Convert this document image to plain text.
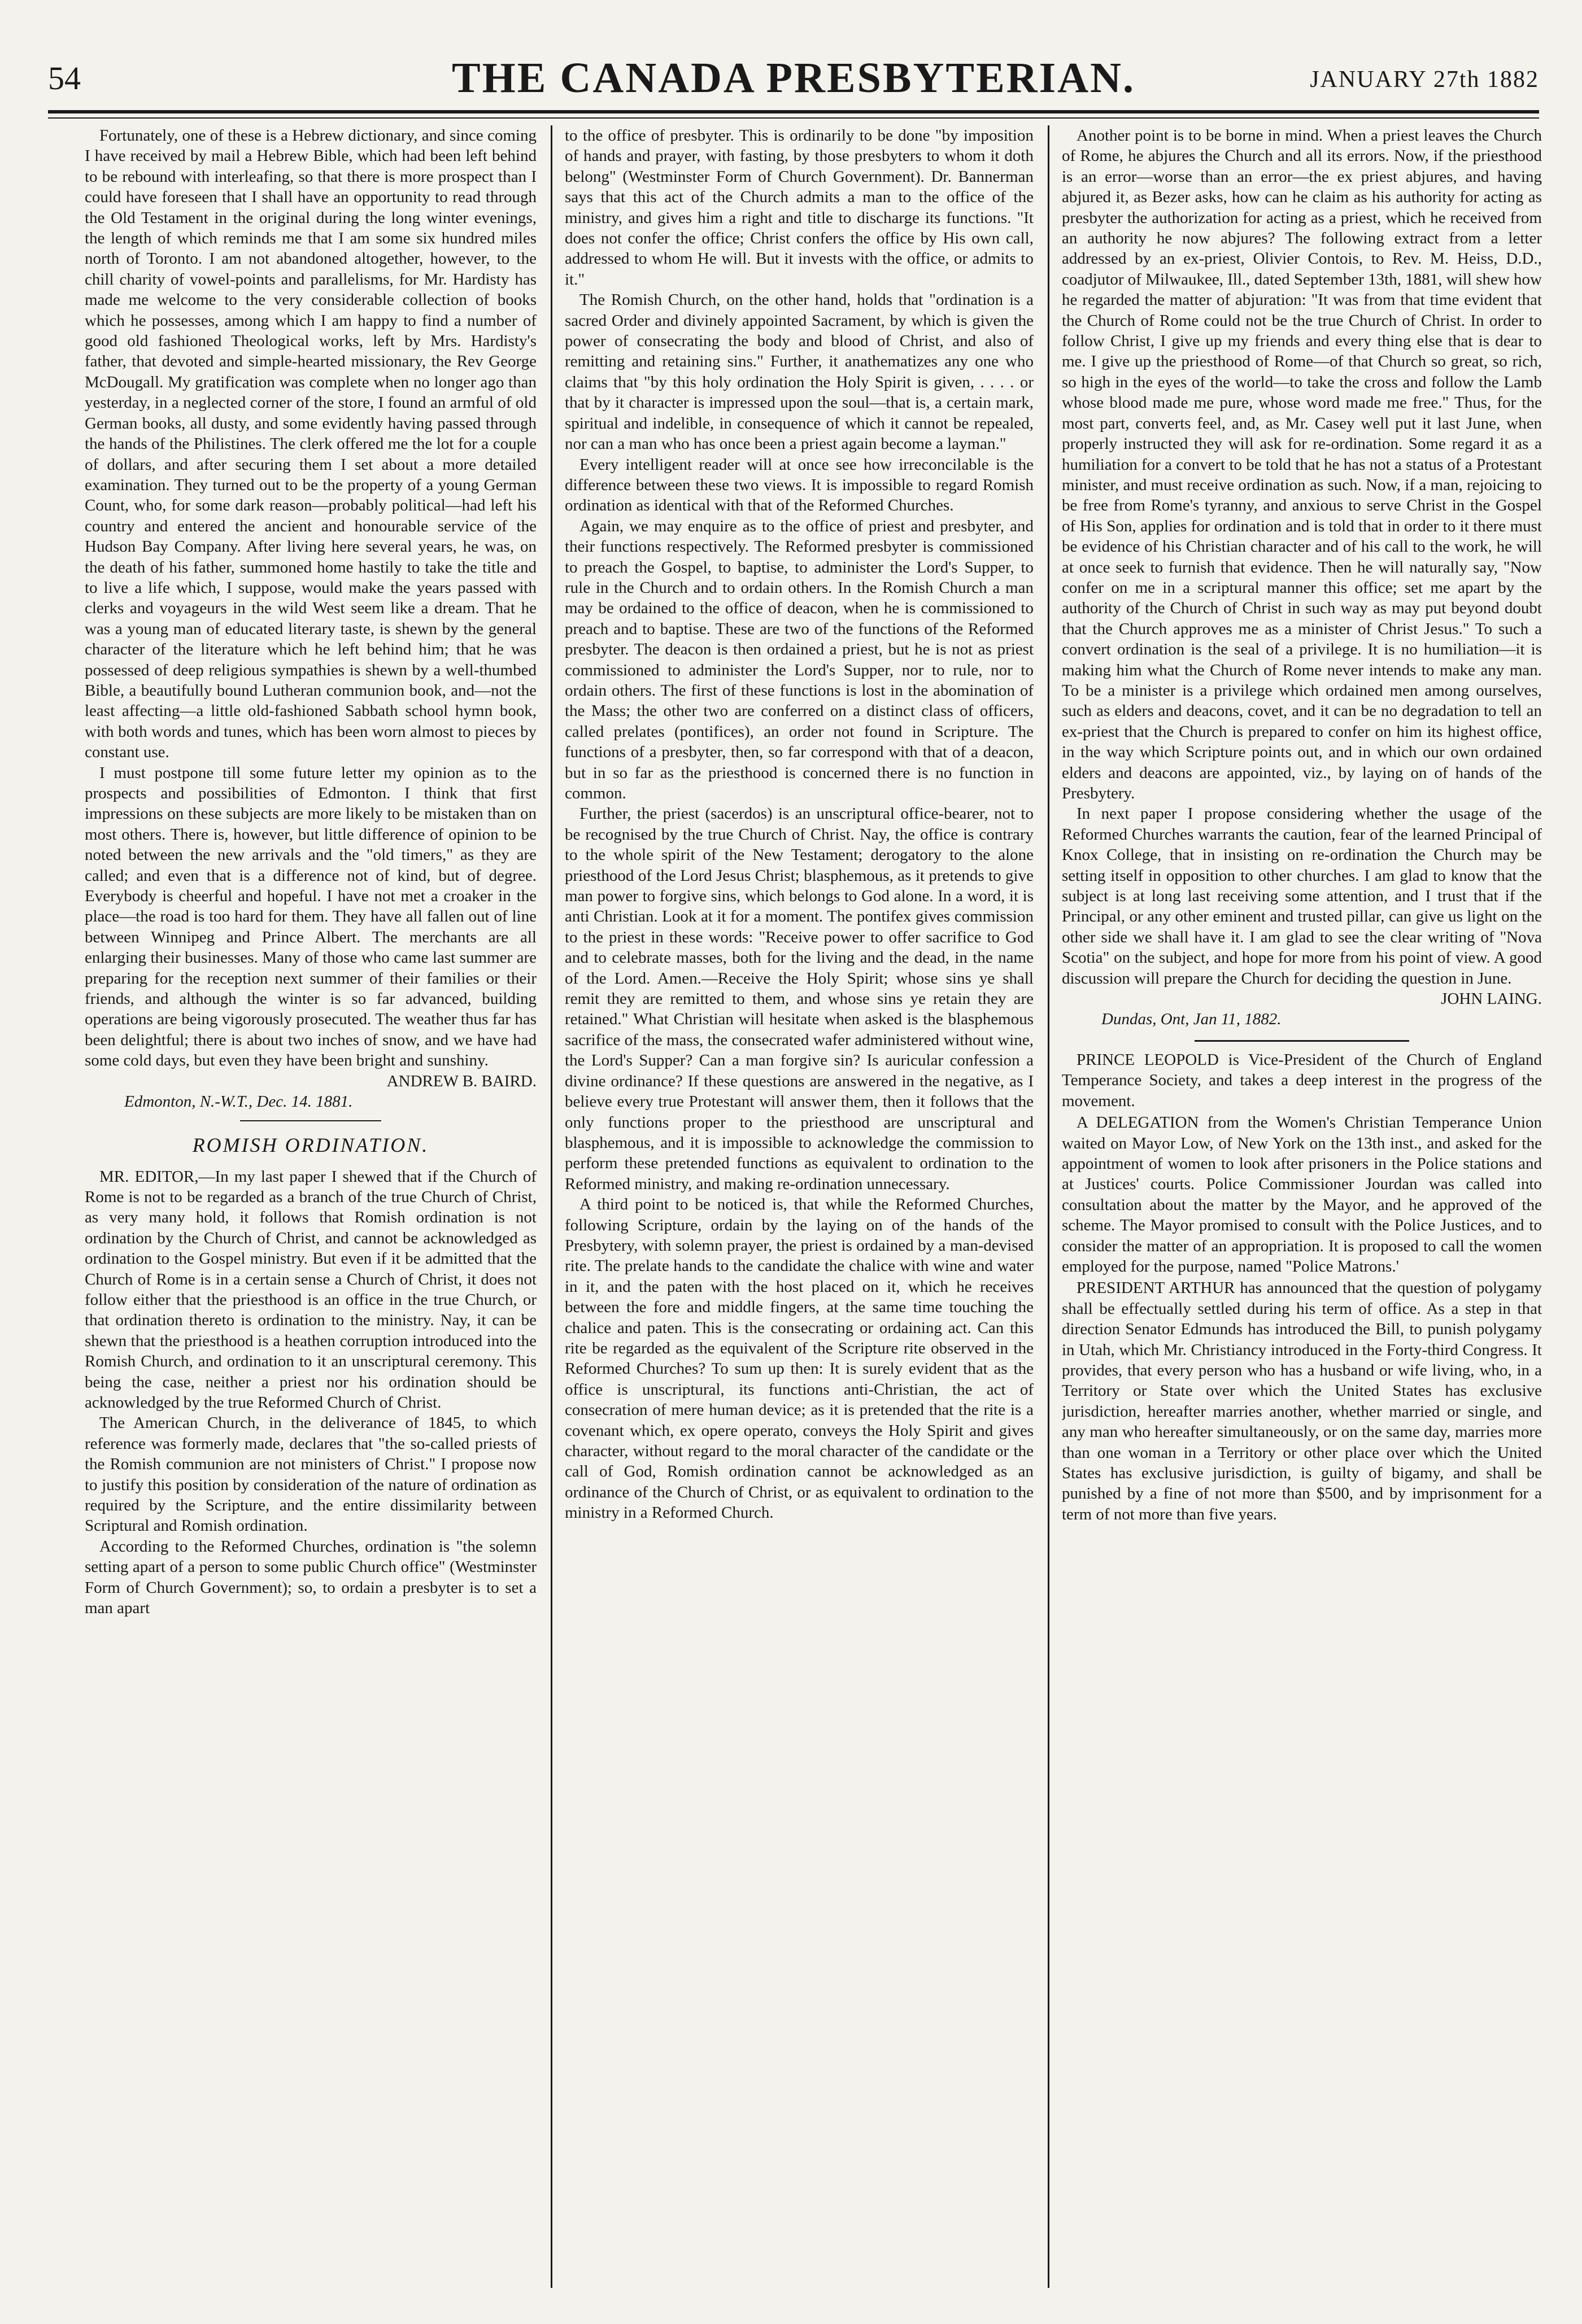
54	THE CANADA PRESBYTERIAN.	JANUARY 27th 1882

Fortunately, one of these is a Hebrew dictionary, and since coming I have received by mail a Hebrew Bible, which had been left behind to be rebound with interleafing, so that there is more prospect than I could have foreseen that I shall have an opportunity to read through the Old Testament in the original during the long winter evenings, the length of which reminds me that I am some six hundred miles north of Toronto. I am not abandoned altogether, however, to the chill charity of vowel-points and parallelisms, for Mr. Hardisty has made me welcome to the very considerable collection of books which he possesses, among which I am happy to find a number of good old fashioned Theological works, left by Mrs. Hardisty's father, that devoted and simple-hearted missionary, the Rev George McDougall. My gratification was complete when no longer ago than yesterday, in a neglected corner of the store, I found an armful of old German books, all dusty, and some evidently having passed through the hands of the Philistines. The clerk offered me the lot for a couple of dollars, and after securing them I set about a more detailed examination. They turned out to be the property of a young German Count, who, for some dark reason—probably political—had left his country and entered the ancient and honourable service of the Hudson Bay Company. After living here several years, he was, on the death of his father, summoned home hastily to take the title and to live a life which, I suppose, would make the years passed with clerks and voyageurs in the wild West seem like a dream. That he was a young man of educated literary taste, is shewn by the general character of the literature which he left behind him; that he was possessed of deep religious sympathies is shewn by a well-thumbed Bible, a beautifully bound Lutheran communion book, and—not the least affecting—a little old-fashioned Sabbath school hymn book, with both words and tunes, which has been worn almost to pieces by constant use.

I must postpone till some future letter my opinion as to the prospects and possibilities of Edmonton. I think that first impressions on these subjects are more likely to be mistaken than on most others. There is, however, but little difference of opinion to be noted between the new arrivals and the "old timers," as they are called; and even that is a difference not of kind, but of degree. Everybody is cheerful and hopeful. I have not met a croaker in the place—the road is too hard for them. They have all fallen out of line between Winnipeg and Prince Albert. The merchants are all enlarging their businesses. Many of those who came last summer are preparing for the reception next summer of their families or their friends, and although the winter is so far advanced, building operations are being vigorously prosecuted. The weather thus far has been delightful; there is about two inches of snow, and we have had some cold days, but even they have been bright and sunshiny.

ANDREW B. BAIRD.

Edmonton, N.-W.T., Dec. 14. 1881.

ROMISH ORDINATION.

MR. EDITOR,—In my last paper I shewed that if the Church of Rome is not to be regarded as a branch of the true Church of Christ, as very many hold, it follows that Romish ordination is not ordination by the Church of Christ, and cannot be acknowledged as ordination to the Gospel ministry. But even if it be admitted that the Church of Rome is in a certain sense a Church of Christ, it does not follow either that the priesthood is an office in the true Church, or that ordination thereto is ordination to the ministry. Nay, it can be shewn that the priesthood is a heathen corruption introduced into the Romish Church, and ordination to it an unscriptural ceremony. This being the case, neither a priest nor his ordination should be acknowledged by the true Reformed Church of Christ.

The American Church, in the deliverance of 1845, to which reference was formerly made, declares that "the so-called priests of the Romish communion are not ministers of Christ." I propose now to justify this position by consideration of the nature of ordination as required by the Scripture, and the entire dissimilarity between Scriptural and Romish ordination.

According to the Reformed Churches, ordination is "the solemn setting apart of a person to some public Church office" (Westminster Form of Church Government); so, to ordain a presbyter is to set a man apart

to the office of presbyter. This is ordinarily to be done "by imposition of hands and prayer, with fasting, by those presbyters to whom it doth belong" (Westminster Form of Church Government). Dr. Bannerman says that this act of the Church admits a man to the office of the ministry, and gives him a right and title to discharge its functions. "It does not confer the office; Christ confers the office by His own call, addressed to whom He will. But it invests with the office, or admits to it."

The Romish Church, on the other hand, holds that "ordination is a sacred Order and divinely appointed Sacrament, by which is given the power of consecrating the body and blood of Christ, and also of remitting and retaining sins." Further, it anathematizes any one who claims that "by this holy ordination the Holy Spirit is given, . . . . or that by it character is impressed upon the soul—that is, a certain mark, spiritual and indelible, in consequence of which it cannot be repealed, nor can a man who has once been a priest again become a layman."

Every intelligent reader will at once see how irreconcilable is the difference between these two views. It is impossible to regard Romish ordination as identical with that of the Reformed Churches.

Again, we may enquire as to the office of priest and presbyter, and their functions respectively. The Reformed presbyter is commissioned to preach the Gospel, to baptise, to administer the Lord's Supper, to rule in the Church and to ordain others. In the Romish Church a man may be ordained to the office of deacon, when he is commissioned to preach and to baptise. These are two of the functions of the Reformed presbyter. The deacon is then ordained a priest, but he is not as priest commissioned to administer the Lord's Supper, nor to rule, nor to ordain others. The first of these functions is lost in the abomination of the Mass; the other two are conferred on a distinct class of officers, called prelates (pontifices), an order not found in Scripture. The functions of a presbyter, then, so far correspond with that of a deacon, but in so far as the priesthood is concerned there is no function in common.

Further, the priest (sacerdos) is an unscriptural office-bearer, not to be recognised by the true Church of Christ. Nay, the office is contrary to the whole spirit of the New Testament; derogatory to the alone priesthood of the Lord Jesus Christ; blasphemous, as it pretends to give man power to forgive sins, which belongs to God alone. In a word, it is anti Christian. Look at it for a moment. The pontifex gives commission to the priest in these words: "Receive power to offer sacrifice to God and to celebrate masses, both for the living and the dead, in the name of the Lord. Amen.—Receive the Holy Spirit; whose sins ye shall remit they are remitted to them, and whose sins ye retain they are retained." What Christian will hesitate when asked is the blasphemous sacrifice of the mass, the consecrated wafer administered without wine, the Lord's Supper? Can a man forgive sin? Is auricular confession a divine ordinance? If these questions are answered in the negative, as I believe every true Protestant will answer them, then it follows that the only functions proper to the priesthood are unscriptural and blasphemous, and it is impossible to acknowledge the commission to perform these pretended functions as equivalent to ordination to the Reformed ministry, and making re-ordination unnecessary.

A third point to be noticed is, that while the Reformed Churches, following Scripture, ordain by the laying on of the hands of the Presbytery, with solemn prayer, the priest is ordained by a man-devised rite. The prelate hands to the candidate the chalice with wine and water in it, and the paten with the host placed on it, which he receives between the fore and middle fingers, at the same time touching the chalice and paten. This is the consecrating or ordaining act. Can this rite be regarded as the equivalent of the Scripture rite observed in the Reformed Churches? To sum up then: It is surely evident that as the office is unscriptural, its functions anti-Christian, the act of consecration of mere human device; as it is pretended that the rite is a covenant which, ex opere operato, conveys the Holy Spirit and gives character, without regard to the moral character of the candidate or the call of God, Romish ordination cannot be acknowledged as an ordinance of the Church of Christ, or as equivalent to ordination to the ministry in a Reformed Church.

Another point is to be borne in mind. When a priest leaves the Church of Rome, he abjures the Church and all its errors. Now, if the priesthood is an error—worse than an error—the ex priest abjures, and having abjured it, as Bezer asks, how can he claim as his authority for acting as presbyter the authorization for acting as a priest, which he received from an authority he now abjures? The following extract from a letter addressed by an ex-priest, Olivier Contois, to Rev. M. Heiss, D.D., coadjutor of Milwaukee, Ill., dated September 13th, 1881, will shew how he regarded the matter of abjuration: "It was from that time evident that the Church of Rome could not be the true Church of Christ. In order to follow Christ, I give up my friends and every thing else that is dear to me. I give up the priesthood of Rome—of that Church so great, so rich, so high in the eyes of the world—to take the cross and follow the Lamb whose blood made me pure, whose word made me free." Thus, for the most part, converts feel, and, as Mr. Casey well put it last June, when properly instructed they will ask for re-ordination. Some regard it as a humiliation for a convert to be told that he has not a status of a Protestant minister, and must receive ordination as such. Now, if a man, rejoicing to be free from Rome's tyranny, and anxious to serve Christ in the Gospel of His Son, applies for ordination and is told that in order to it there must be evidence of his Christian character and of his call to the work, he will at once seek to furnish that evidence. Then he will naturally say, "Now confer on me in a scriptural manner this office; set me apart by the authority of the Church of Christ in such way as may put beyond doubt that the Church approves me as a minister of Christ Jesus." To such a convert ordination is the seal of a privilege. It is no humiliation—it is making him what the Church of Rome never intends to make any man. To be a minister is a privilege which ordained men among ourselves, such as elders and deacons, covet, and it can be no degradation to tell an ex-priest that the Church is prepared to confer on him its highest office, in the way which Scripture points out, and in which our own ordained elders and deacons are appointed, viz., by laying on of hands of the Presbytery.

In next paper I propose considering whether the usage of the Reformed Churches warrants the caution, fear of the learned Principal of Knox College, that in insisting on re-ordination the Church may be setting itself in opposition to other churches. I am glad to know that the subject is at long last receiving some attention, and I trust that if the Principal, or any other eminent and trusted pillar, can give us light on the other side we shall have it. I am glad to see the clear writing of "Nova Scotia" on the subject, and hope for more from his point of view. A good discussion will prepare the Church for deciding the question in June.

JOHN LAING.

Dundas, Ont, Jan 11, 1882.

PRINCE LEOPOLD is Vice-President of the Church of England Temperance Society, and takes a deep interest in the progress of the movement.

A DELEGATION from the Women's Christian Temperance Union waited on Mayor Low, of New York on the 13th inst., and asked for the appointment of women to look after prisoners in the Police stations and at Justices' courts. Police Commissioner Jourdan was called into consultation about the matter by the Mayor, and he approved of the scheme. The Mayor promised to consult with the Police Justices, and to consider the matter of an appropriation. It is proposed to call the women employed for the purpose, named "Police Matrons.'

PRESIDENT ARTHUR has announced that the question of polygamy shall be effectually settled during his term of office. As a step in that direction Senator Edmunds has introduced the Bill, to punish polygamy in Utah, which Mr. Christiancy introduced in the Forty-third Congress. It provides, that every person who has a husband or wife living, who, in a Territory or State over which the United States has exclusive jurisdiction, hereafter marries another, whether married or single, and any man who hereafter simultaneously, or on the same day, marries more than one woman in a Territory or other place over which the United States has exclusive jurisdiction, is guilty of bigamy, and shall be punished by a fine of not more than $500, and by imprisonment for a term of not more than five years.
